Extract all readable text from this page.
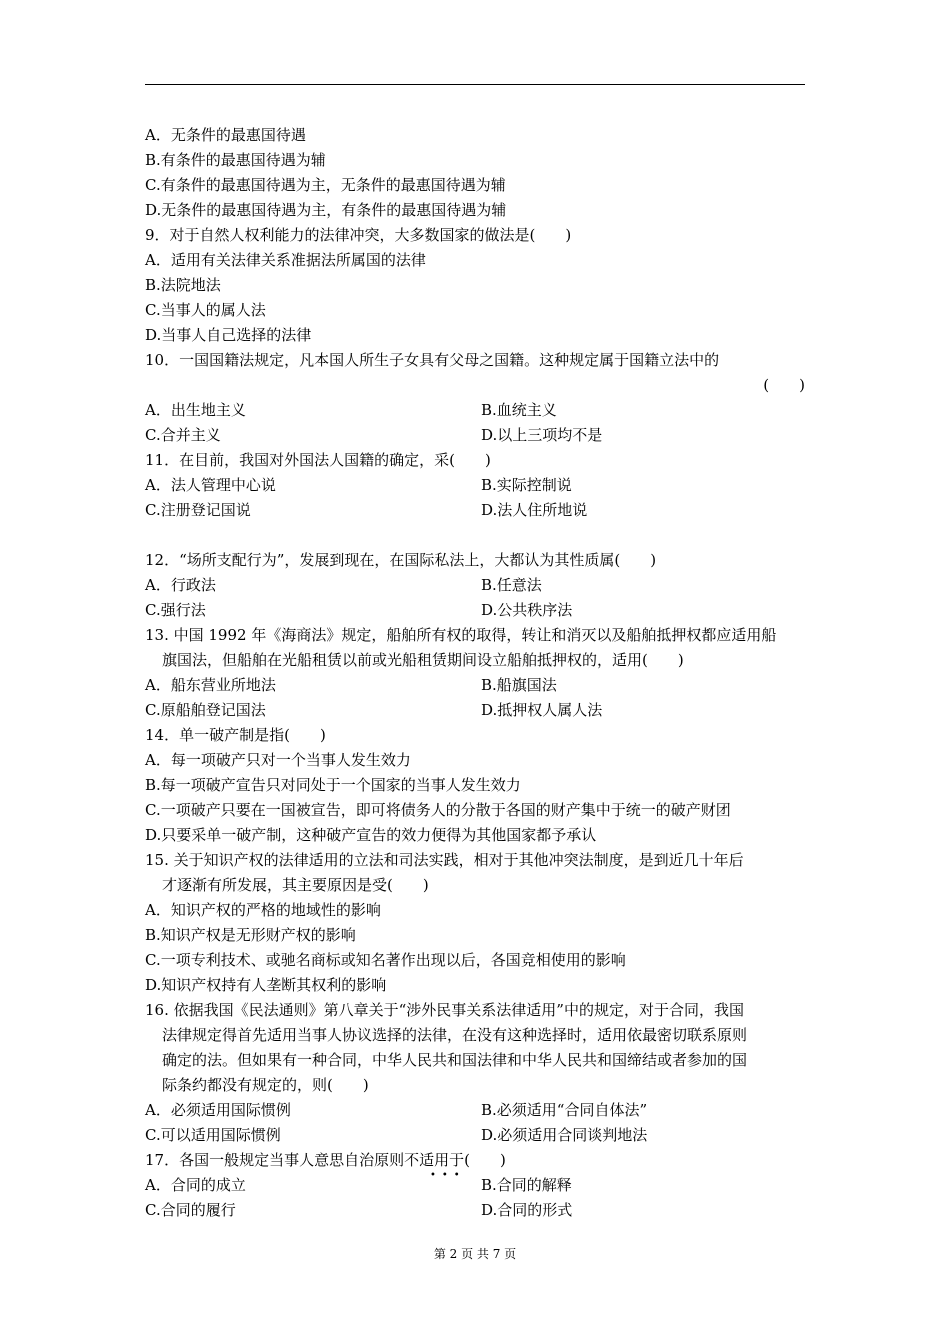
A．无条件的最惠国待遇
B.有条件的最惠国待遇为辅
C.有条件的最惠国待遇为主，无条件的最惠国待遇为辅
D.无条件的最惠国待遇为主，有条件的最惠国待遇为辅
9．对于自然人权利能力的法律冲突，大多数国家的做法是(　　)
A．适用有关法律关系准据法所属国的法律
B.法院地法
C.当事人的属人法
D.当事人自己选择的法律
10．一国国籍法规定，凡本国人所生子女具有父母之国籍。这种规定属于国籍立法中的
(　　)
A．出生地主义	B.血统主义
C.合并主义	D.以上三项均不是
11．在目前，我国对外国法人国籍的确定，采(　　)
A．法人管理中心说	B.实际控制说
C.注册登记国说	D.法人住所地说
12．“场所支配行为”，发展到现在，在国际私法上，大都认为其性质属(　　)
A．行政法	B.任意法
C.强行法	D.公共秩序法
13. 中国 1992 年《海商法》规定，船舶所有权的取得，转让和消灭以及船舶抵押权都应适用船
旗国法，但船舶在光船租赁以前或光船租赁期间设立船舶抵押权的，适用(　　)
A．船东营业所地法	B.船旗国法
C.原船舶登记国法	D.抵押权人属人法
14．单一破产制是指(　　)
A．每一项破产只对一个当事人发生效力
B.每一项破产宣告只对同处于一个国家的当事人发生效力
C.一项破产只要在一国被宣告，即可将债务人的分散于各国的财产集中于统一的破产财团
D.只要采单一破产制，这种破产宣告的效力便得为其他国家都予承认
15. 关于知识产权的法律适用的立法和司法实践，相对于其他冲突法制度，是到近几十年后
才逐渐有所发展，其主要原因是受(　　)
A．知识产权的严格的地域性的影响
B.知识产权是无形财产权的影响
C.一项专利技术、或驰名商标或知名著作出现以后，各国竞相使用的影响
D.知识产权持有人垄断其权利的影响
16. 依据我国《民法通则》第八章关于“涉外民事关系法律适用”中的规定，对于合同，我国
法律规定得首先适用当事人协议选择的法律，在没有这种选择时，适用依最密切联系原则
确定的法。但如果有一种合同，中华人民共和国法律和中华人民共和国缔结或者参加的国
际条约都没有规定的，则(　　)
A．必须适用国际惯例	B.必须适用“合同自体法”
C.可以适用国际惯例	D.必须适用合同谈判地法
17．各国一般规定当事人意思自治原则不适用于(　　)
•••
A．合同的成立	B.合同的解释
C.合同的履行	D.合同的形式
第 2 页 共 7 页
